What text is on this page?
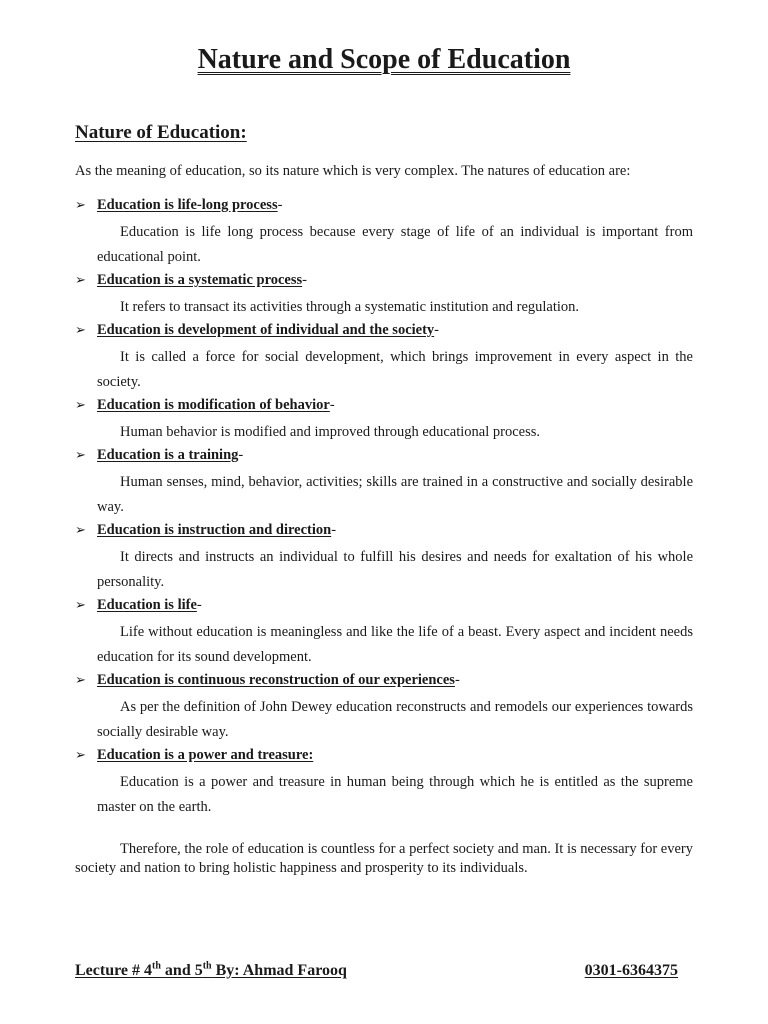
Nature and Scope of Education
Nature of Education:
As the meaning of education, so its nature which is very complex. The natures of education are:
➢ Education is life-long process-

Education is life long process because every stage of life of an individual is important from educational point.

➢ Education is a systematic process-

It refers to transact its activities through a systematic institution and regulation.

➢ Education is development of individual and the society-

It is called a force for social development, which brings improvement in every aspect in the society.

➢ Education is modification of behavior-

Human behavior is modified and improved through educational process.

➢ Education is a training-

Human senses, mind, behavior, activities; skills are trained in a constructive and socially desirable way.

➢ Education is instruction and direction-

It directs and instructs an individual to fulfill his desires and needs for exaltation of his whole personality.

➢ Education is life-

Life without education is meaningless and like the life of a beast. Every aspect and incident needs education for its sound development.

➢ Education is continuous reconstruction of our experiences-

As per the definition of John Dewey education reconstructs and remodels our experiences towards socially desirable way.

➢ Education is a power and treasure:

Education is a power and treasure in human being through which he is entitled as the supreme master on the earth.

Therefore, the role of education is countless for a perfect society and man. It is necessary for every society and nation to bring holistic happiness and prosperity to its individuals.
Lecture # 4th and 5th By: Ahmad Farooq	0301-6364375
